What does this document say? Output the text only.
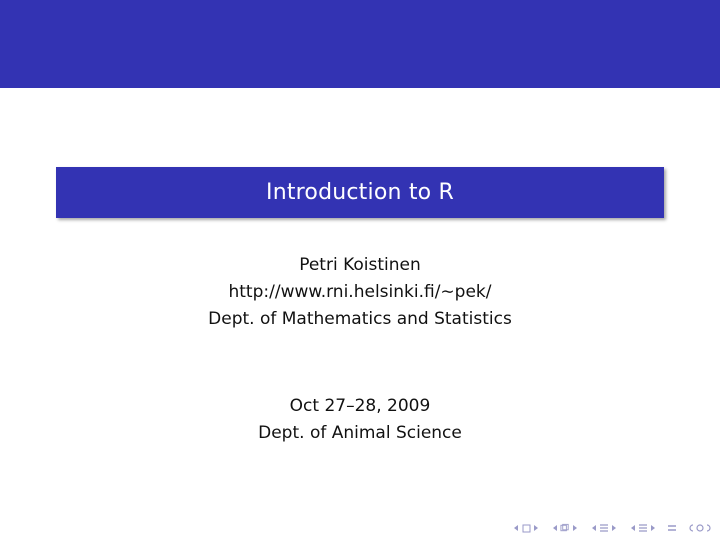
Introduction to R
Petri Koistinen
http://www.rni.helsinki.fi/∼pek/
Dept. of Mathematics and Statistics
Oct 27–28, 2009
Dept. of Animal Science
